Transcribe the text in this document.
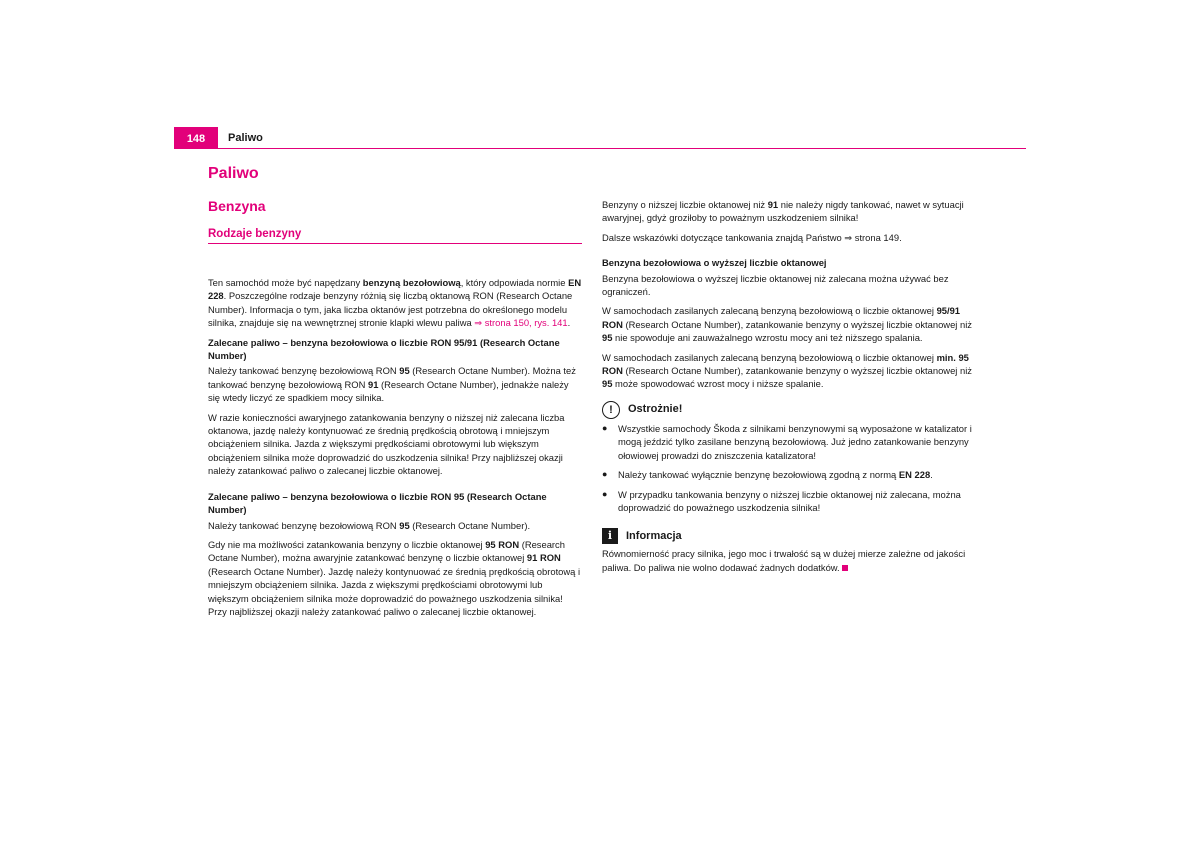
148	Paliwo
Paliwo
Benzyna
Rodzaje benzyny

Ten samochód może być napędzany benzyną bezołowiową, który odpowiada normie EN 228. Poszczególne rodzaje benzyny różnią się liczbą oktanową RON (Research Octane Number). Informacja o tym, jaka liczba oktanów jest potrzebna do określonego modelu silnika, znajduje się na wewnętrznej stronie klapki wlewu paliwa ⇒ strona 150, rys. 141.

Zalecane paliwo – benzyna bezołowiowa o liczbie RON 95/91 (Research Octane Number)

Należy tankować benzynę bezołowiową RON 95 (Research Octane Number). Można też tankować benzynę bezołowiową RON 91 (Research Octane Number), jednakże należy się wtedy liczyć ze spadkiem mocy silnika.

W razie konieczności awaryjnego zatankowania benzyny o niższej niż zalecana liczba oktanowa, jazdę należy kontynuować ze średnią prędkością obrotową i mniejszym obciążeniem silnika. Jazda z większymi prędkościami obrotowymi lub większym obciążeniem silnika może doprowadzić do uszkodzenia silnika! Przy najbliższej okazji należy zatankować paliwo o zalecanej liczbie oktanowej.

Zalecane paliwo – benzyna bezołowiowa o liczbie RON 95 (Research Octane Number)

Należy tankować benzynę bezołowiową RON 95 (Research Octane Number).

Gdy nie ma możliwości zatankowania benzyny o liczbie oktanowej 95 RON (Research Octane Number), można awaryjnie zatankować benzynę o liczbie oktanowej 91 RON (Research Octane Number). Jazdę należy kontynuować ze średnią prędkością obrotową i mniejszym obciążeniem silnika. Jazda z większymi prędkościami obrotowymi lub większym obciążeniem silnika może doprowadzić do poważnego uszkodzenia silnika! Przy najbliższej okazji należy zatankować paliwo o zalecanej liczbie oktanowej.

Benzyny o niższej liczbie oktanowej niż 91 nie należy nigdy tankować, nawet w sytuacji awaryjnej, gdyż groziłoby to poważnym uszkodzeniem silnika!

Dalsze wskazówki dotyczące tankowania znajdą Państwo ⇒ strona 149.

Benzyna bezołowiowa o wyższej liczbie oktanowej

Benzyna bezołowiowa o wyższej liczbie oktanowej niż zalecana można używać bez ograniczeń.

W samochodach zasilanych zalecaną benzyną bezołowiową o liczbie oktanowej 95/91 RON (Research Octane Number), zatankowanie benzyny o wyższej liczbie oktanowej niż 95 nie spowoduje ani zauważalnego wzrostu mocy ani też niższego spalania.

W samochodach zasilanych zalecaną benzyną bezołowiową o liczbie oktanowej min. 95 RON (Research Octane Number), zatankowanie benzyny o wyższej liczbie oktanowej niż 95 może spowodować wzrost mocy i niższe spalanie.

!	Ostrożnie!
●	Wszystkie samochody Škoda z silnikami benzynowymi są wyposażone w katalizator i mogą jeździć tylko zasilane benzyną bezołowiową. Już jedno zatankowanie benzyny ołowiowej prowadzi do zniszczenia katalizatora!
●	Należy tankować wyłącznie benzynę bezołowiową zgodną z normą EN 228.
●	W przypadku tankowania benzyny o niższej liczbie oktanowej niż zalecana, można doprowadzić do poważnego uszkodzenia silnika!
i	Informacja

Równomierność pracy silnika, jego moc i trwałość są w dużej mierze zależne od jakości paliwa. Do paliwa nie wolno dodawać żadnych dodatków.
